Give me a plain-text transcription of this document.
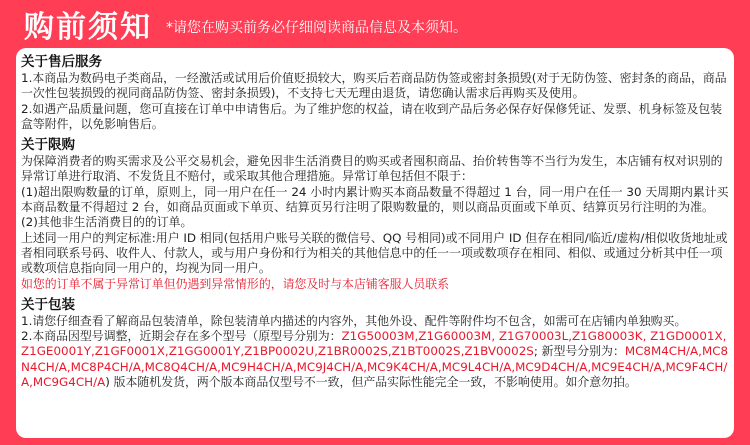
购前须知 *请您在购买前务必仔细阅读商品信息及本须知。
关于售后服务

1.本商品为数码电子类商品，一经激活或试用后价值贬损较大，购买后若商品防伪签或密封条损毁(对于无防伪签、密封条的商品，商品一次性包装损毁的视同商品防伪签、密封条损毁)，不支持七天无理由退货，请您确认需求后再购买及使用。

2.如遇产品质量问题，您可直接在订单中申请售后。为了维护您的权益，请在收到产品后务必保存好保修凭证、发票、机身标签及包装盒等附件，以免影响售后。

关于限购

为保障消费者的购买需求及公平交易机会，避免因非生活消费目的购买或者囤积商品、抬价转售等不当行为发生，本店铺有权对识别的异常订单进行取消、不发货且不赔付，或采取其他合理措施。异常订单包括但不限于：

(1)超出限购数量的订单，原则上，同一用户在任一 24 小时内累计购买本商品数量不得超过 1 台，同一用户在任一 30 天周期内累计买本商品数量不得超过 2 台，如商品页面或下单页、结算页另行注明了限购数量的，则以商品页面或下单页、结算页另行注明的为准。

(2)其他非生活消费目的的订单。

上述同一用户的判定标准:用户 ID 相同(包括用户账号关联的微信号、QQ 号相同)或不同用户 ID 但存在相同/临近/虚构/相似收货地址或者相同联系号码、收件人、付款人，或与用户身份和行为相关的其他信息中的任一一项或数项存在相同、相似、或通过分析其中任一项或数项信息指向同一用户的，均视为同一用户。

如您的订单不属于异常订单但仍遇到异常情形的，请您及时与本店铺客服人员联系

关于包装

1.请您仔细查看了解商品包装清单，除包装清单内描述的内容外，其他外设、配件等附件均不包含，如需可在店铺内单独购买。

2.本商品因型号调整，近期会存在多个型号（原型号分别为：Z1G50003M,Z1G60003M, Z1G70003L,Z1G80003K, Z1GD0001X,Z1GE0001Y,Z1GF0001X,Z1GG0001Y,Z1BP0002U,Z1BR0002S,Z1BT0002S,Z1BV0002S; 新型号分别为：MC8M4CH/A,MC8N4CH/A,MC8P4CH/A,MC8Q4CH/A,MC9H4CH/A,MC9J4CH/A,MC9K4CH/A,MC9L4CH/A,MC9D4CH/A,MC9E4CH/A,MC9F4CH/A,MC9G4CH/A) 版本随机发货，两个版本商品仅型号不一致，但产品实际性能完全一致，不影响使用。如介意勿拍。
